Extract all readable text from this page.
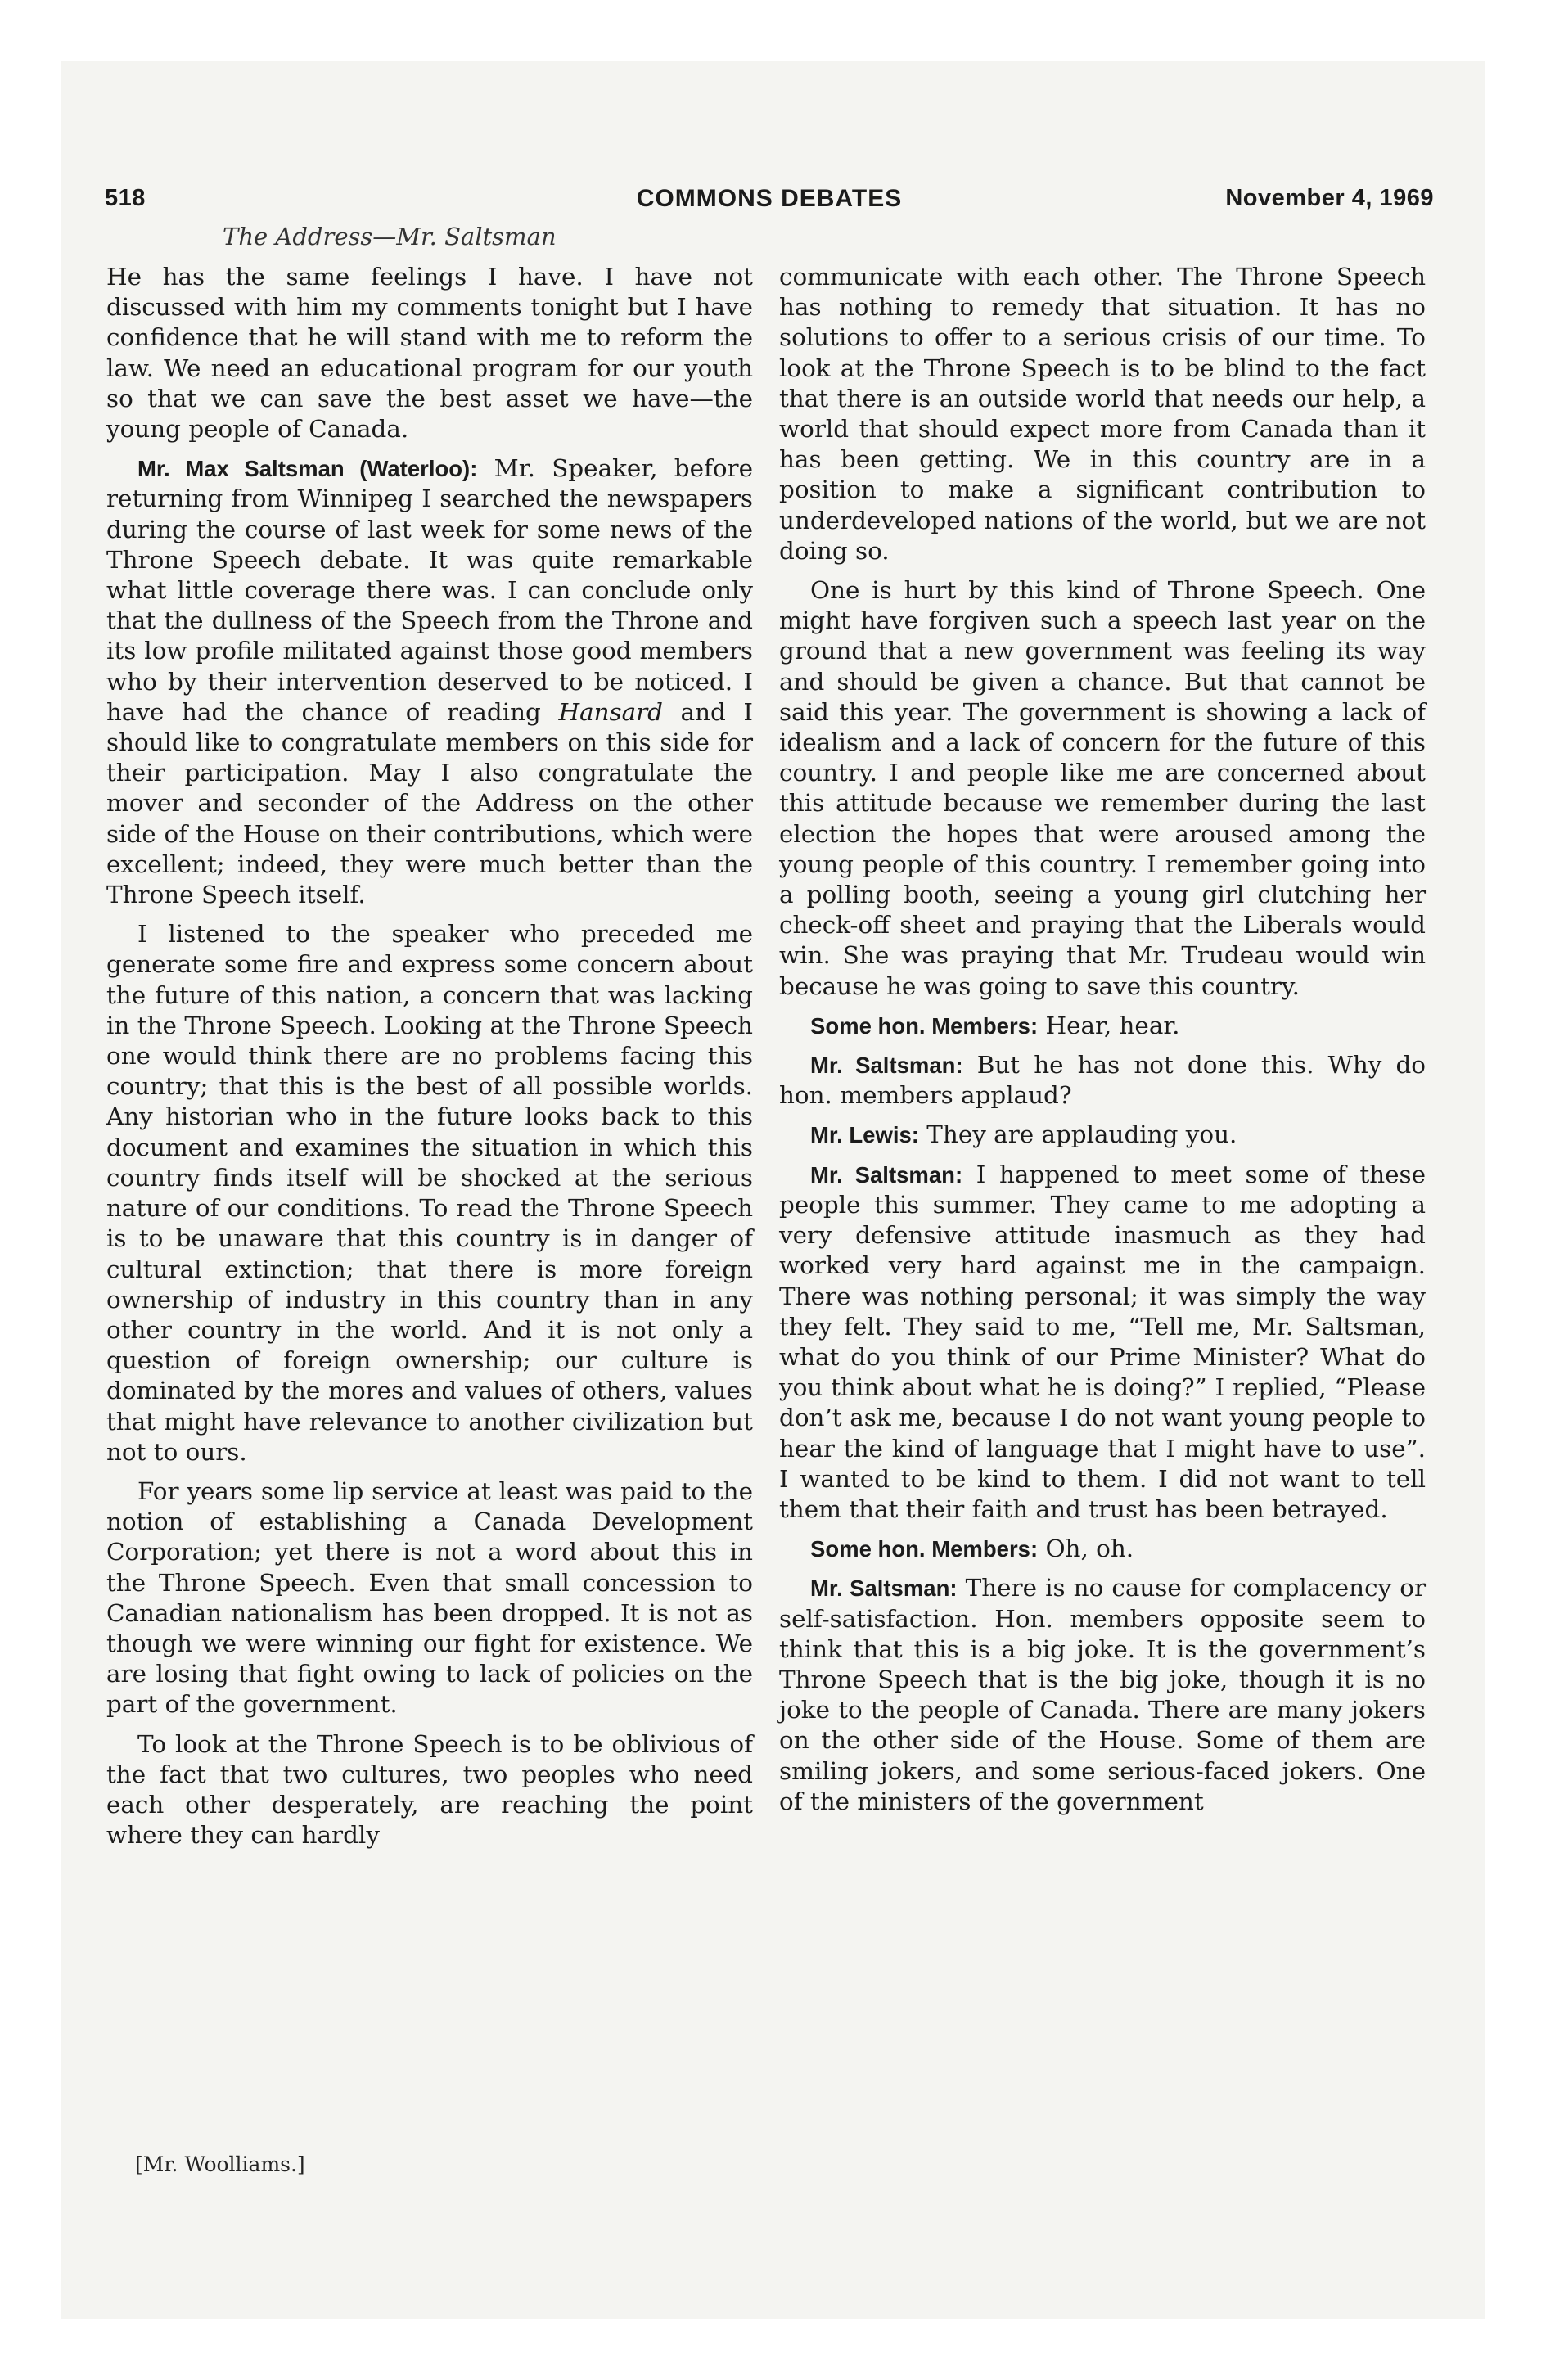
518	COMMONS DEBATES	November 4, 1969
The Address—Mr. Saltsman

He has the same feelings I have. I have not discussed with him my comments tonight but I have confidence that he will stand with me to reform the law. We need an educational program for our youth so that we can save the best asset we have—the young people of Canada.

Mr. Max Saltsman (Waterloo): Mr. Speaker, before returning from Winnipeg I searched the newspapers during the course of last week for some news of the Throne Speech debate. It was quite remarkable what little coverage there was. I can conclude only that the dullness of the Speech from the Throne and its low profile militated against those good members who by their intervention deserved to be noticed. I have had the chance of reading Hansard and I should like to congratulate members on this side for their participation. May I also congratulate the mover and seconder of the Address on the other side of the House on their contributions, which were excellent; indeed, they were much better than the Throne Speech itself.

I listened to the speaker who preceded me generate some fire and express some concern about the future of this nation, a concern that was lacking in the Throne Speech. Looking at the Throne Speech one would think there are no problems facing this country; that this is the best of all possible worlds. Any historian who in the future looks back to this document and examines the situation in which this country finds itself will be shocked at the serious nature of our conditions. To read the Throne Speech is to be unaware that this country is in danger of cultural extinction; that there is more foreign ownership of industry in this country than in any other country in the world. And it is not only a question of foreign ownership; our culture is dominated by the mores and values of others, values that might have relevance to another civilization but not to ours.

For years some lip service at least was paid to the notion of establishing a Canada Development Corporation; yet there is not a word about this in the Throne Speech. Even that small concession to Canadian nationalism has been dropped. It is not as though we were winning our fight for existence. We are losing that fight owing to lack of policies on the part of the government.

To look at the Throne Speech is to be oblivious of the fact that two cultures, two peoples who need each other desperately, are reaching the point where they can hardly

communicate with each other. The Throne Speech has nothing to remedy that situation. It has no solutions to offer to a serious crisis of our time. To look at the Throne Speech is to be blind to the fact that there is an outside world that needs our help, a world that should expect more from Canada than it has been getting. We in this country are in a position to make a significant contribution to underdeveloped nations of the world, but we are not doing so.

One is hurt by this kind of Throne Speech. One might have forgiven such a speech last year on the ground that a new government was feeling its way and should be given a chance. But that cannot be said this year. The government is showing a lack of idealism and a lack of concern for the future of this country. I and people like me are concerned about this attitude because we remember during the last election the hopes that were aroused among the young people of this country. I remember going into a polling booth, seeing a young girl clutching her check-off sheet and praying that the Liberals would win. She was praying that Mr. Trudeau would win because he was going to save this country.

Some hon. Members: Hear, hear.

Mr. Saltsman: But he has not done this. Why do hon. members applaud?

Mr. Lewis: They are applauding you.

Mr. Saltsman: I happened to meet some of these people this summer. They came to me adopting a very defensive attitude inasmuch as they had worked very hard against me in the campaign. There was nothing personal; it was simply the way they felt. They said to me, “Tell me, Mr. Saltsman, what do you think of our Prime Minister? What do you think about what he is doing?” I replied, “Please don’t ask me, because I do not want young people to hear the kind of language that I might have to use”. I wanted to be kind to them. I did not want to tell them that their faith and trust has been betrayed.

Some hon. Members: Oh, oh.

Mr. Saltsman: There is no cause for complacency or self-satisfaction. Hon. members opposite seem to think that this is a big joke. It is the government’s Throne Speech that is the big joke, though it is no joke to the people of Canada. There are many jokers on the other side of the House. Some of them are smiling jokers, and some serious-faced jokers. One of the ministers of the government

[Mr. Woolliams.]
